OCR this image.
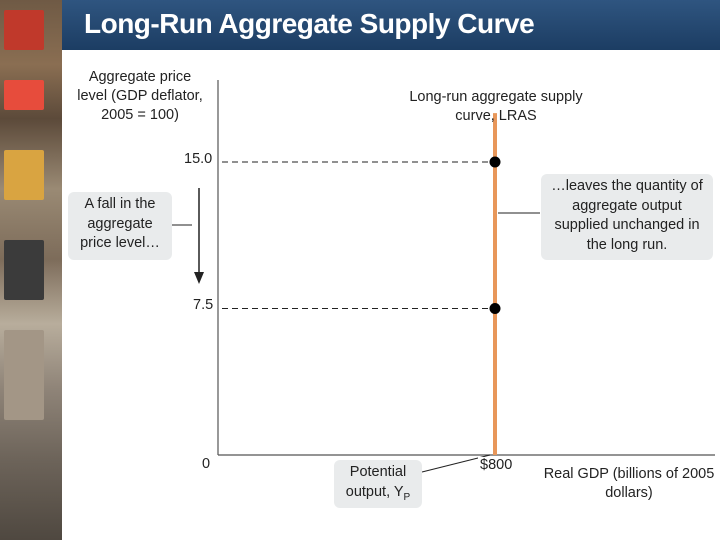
Long-Run Aggregate Supply Curve
Aggregate price level (GDP deflator, 2005 = 100)
Long-run aggregate supply curve, LRAS
15.0
7.5
0
A fall in the aggregate price level…
…leaves the quantity of aggregate output supplied unchanged in the long run.
Potential output, $Y_P$
$800
Real GDP (billions of 2005 dollars)
